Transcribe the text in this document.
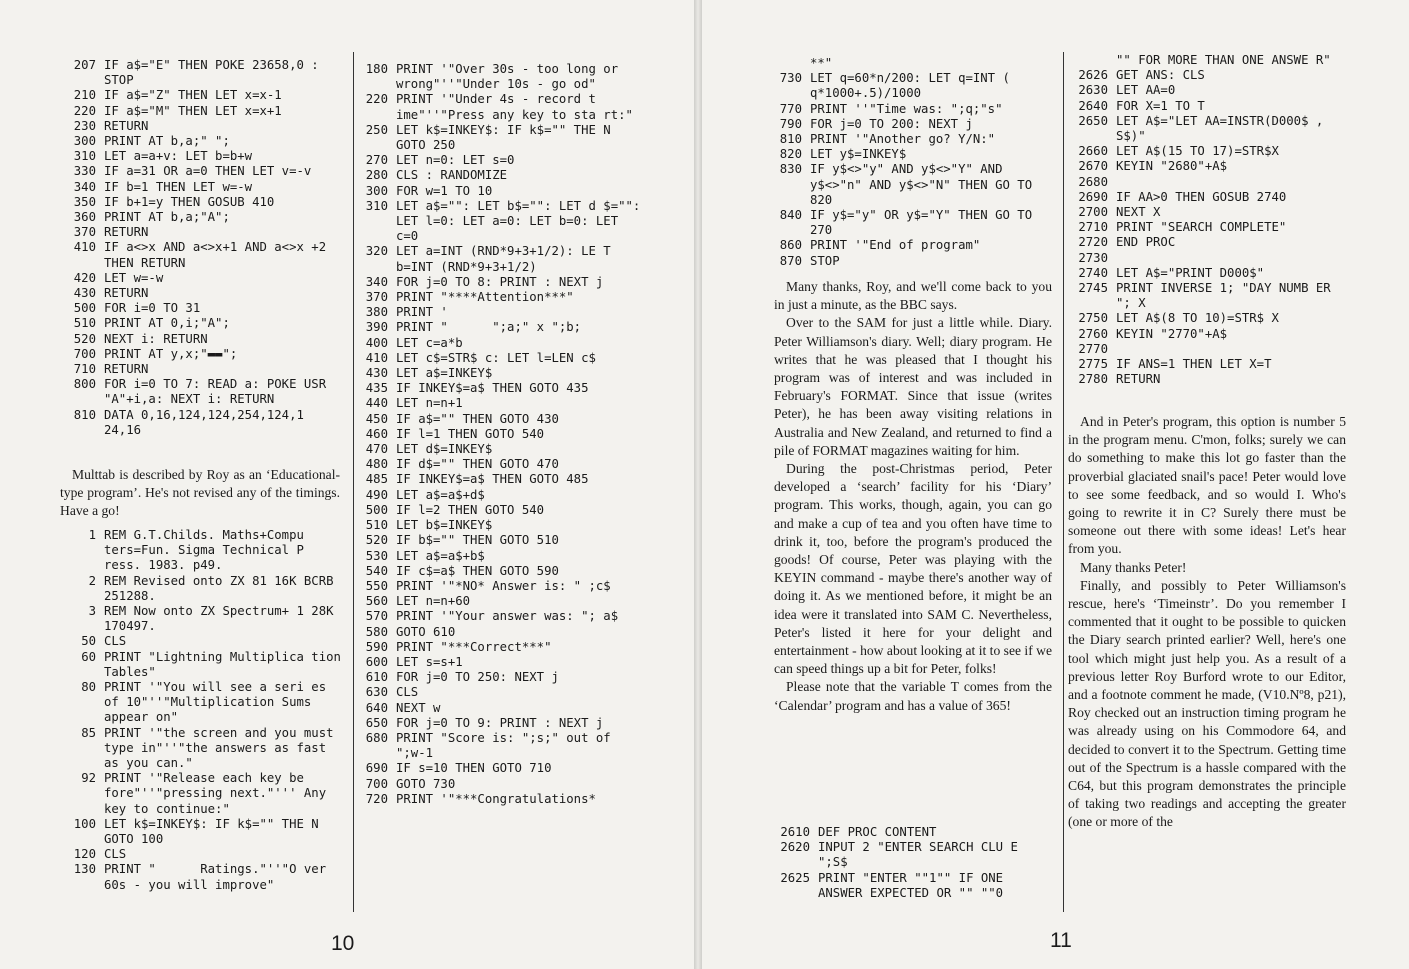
207 IF a$="E" THEN POKE 23658,0 : STOP
210 IF a$="Z" THEN LET x=x-1
220 IF a$="M" THEN LET x=x+1
230 RETURN
300 PRINT AT b,a;" ";
310 LET a=a+v: LET b=b+w
330 IF a=31 OR a=0 THEN LET v=-v
340 IF b=1 THEN LET w=-w
350 IF b+1=y THEN GOSUB 410
360 PRINT AT b,a;"A";
370 RETURN
410 IF a<>x AND a<>x+1 AND a<>x +2 THEN RETURN
420 LET w=-w
430 RETURN
500 FOR i=0 TO 31
510 PRINT AT 0,i;"A";
520 NEXT i: RETURN
700 PRINT AT y,x;"▬▬";
710 RETURN
800 FOR i=0 TO 7: READ a: POKE USR "A"+i,a: NEXT i: RETURN
810 DATA 0,16,124,124,254,124,1 24,16

Multtab is described by Roy as an ‘Educational-type program’. He's not revised any of the timings. Have a go!

1 REM G.T.Childs. Maths+Compu ters=Fun. Sigma Technical P ress. 1983. p49.
2 REM Revised onto ZX 81 16K BCRB 251288.
3 REM Now onto ZX Spectrum+ 1 28K 170497.
50 CLS
60 PRINT "Lightning Multiplica tion Tables"
80 PRINT '"You will see a seri es of 10"''"Multiplication Sums appear on"
85 PRINT '"the screen and you must type in"''"the answers as fast as you can."
92 PRINT '"Release each key be fore"''"pressing next."''' Any key to continue:"
100 LET k$=INKEY$: IF k$="" THE N GOTO 100
120 CLS
130 PRINT "      Ratings."''"O ver 60s - you will improve"
180 PRINT '"Over 30s - too long or wrong"''"Under 10s - go od"
220 PRINT '"Under 4s - record t ime"''"Press any key to sta rt:"
250 LET k$=INKEY$: IF k$="" THE N GOTO 250
270 LET n=0: LET s=0
280 CLS : RANDOMIZE
300 FOR w=1 TO 10
310 LET a$="": LET b$="": LET d $="": LET l=0: LET a=0: LET b=0: LET c=0
320 LET a=INT (RND*9+3+1/2): LE T b=INT (RND*9+3+1/2)
340 FOR j=0 TO 8: PRINT : NEXT j
370 PRINT "****Attention***"
380 PRINT '
390 PRINT "      ";a;" x ";b;
400 LET c=a*b
410 LET c$=STR$ c: LET l=LEN c$
430 LET a$=INKEY$
435 IF INKEY$=a$ THEN GOTO 435
440 LET n=n+1
450 IF a$="" THEN GOTO 430
460 IF l=1 THEN GOTO 540
470 LET d$=INKEY$
480 IF d$="" THEN GOTO 470
485 IF INKEY$=a$ THEN GOTO 485
490 LET a$=a$+d$
500 IF l=2 THEN GOTO 540
510 LET b$=INKEY$
520 IF b$="" THEN GOTO 510
530 LET a$=a$+b$
540 IF c$=a$ THEN GOTO 590
550 PRINT '"*NO* Answer is: " ;c$
560 LET n=n+60
570 PRINT '"Your answer was: "; a$
580 GOTO 610
590 PRINT "***Correct***"
600 LET s=s+1
610 FOR j=0 TO 250: NEXT j
630 CLS
640 NEXT w
650 FOR j=0 TO 9: PRINT : NEXT j
680 PRINT "Score is: ";s;" out of ";w-1
690 IF s=10 THEN GOTO 710
700 GOTO 730
720 PRINT '"***Congratulations*
10
**"
730 LET q=60*n/200: LET q=INT ( q*1000+.5)/1000
770 PRINT ''"Time was: ";q;"s"
790 FOR j=0 TO 200: NEXT j
810 PRINT '"Another go? Y/N:"
820 LET y$=INKEY$
830 IF y$<>"y" AND y$<>"Y" AND y$<>"n" AND y$<>"N" THEN GO TO 820
840 IF y$="y" OR y$="Y" THEN GO TO 270
860 PRINT '"End of program"
870 STOP

Many thanks, Roy, and we'll come back to you in just a minute, as the BBC says.

Over to the SAM for just a little while. Diary. Peter Williamson's diary. Well; diary program. He writes that he was pleased that I thought his program was of interest and was included in February's FORMAT. Since that issue (writes Peter), he has been away visiting relations in Australia and New Zealand, and returned to find a pile of FORMAT magazines waiting for him.

During the post-Christmas period, Peter developed a ‘search’ facility for his ‘Diary’ program. This works, though, again, you can go and make a cup of tea and you often have time to drink it, too, before the program's produced the goods! Of course, Peter was playing with the KEYIN command - maybe there's another way of doing it. As we mentioned before, it might be an idea were it translated into SAM C. Nevertheless, Peter's listed it here for your delight and entertainment - how about looking at it to see if we can speed things up a bit for Peter, folks!

Please note that the variable T comes from the ‘Calendar’ program and has a value of 365!

2610 DEF PROC CONTENT
2620 INPUT 2 "ENTER SEARCH CLU E ";S$
2625 PRINT "ENTER ""1"" IF ONE ANSWER EXPECTED OR "" ""0
"" FOR MORE THAN ONE ANSWE R"
2626 GET ANS: CLS
2630 LET AA=0
2640 FOR X=1 TO T
2650 LET A$="LET AA=INSTR(D000$ , S$)"
2660 LET A$(15 TO 17)=STR$X
2670 KEYIN "2680"+A$
2680
2690 IF AA>0 THEN GOSUB 2740
2700 NEXT X
2710 PRINT "SEARCH COMPLETE"
2720 END PROC
2730
2740 LET A$="PRINT D000$"
2745 PRINT INVERSE 1; "DAY NUMB ER "; X
2750 LET A$(8 TO 10)=STR$ X
2760 KEYIN "2770"+A$
2770
2775 IF ANS=1 THEN LET X=T
2780 RETURN

And in Peter's program, this option is number 5 in the program menu. C'mon, folks; surely we can do something to make this lot go faster than the proverbial glaciated snail's pace! Peter would love to see some feedback, and so would I. Who's going to rewrite it in C? Surely there must be someone out there with some ideas! Let's hear from you.

Many thanks Peter!

Finally, and possibly to Peter Williamson's rescue, here's ‘Timeinstr’. Do you remember I commented that it ought to be possible to quicken the Diary search printed earlier? Well, here's one tool which might just help you. As a result of a previous letter Roy Burford wrote to our Editor, and a footnote comment he made, (V10.Nº8, p21), Roy checked out an instruction timing program he was already using on his Commodore 64, and decided to convert it to the Spectrum. Getting time out of the Spectrum is a hassle compared with the C64, but this program demonstrates the principle of taking two readings and accepting the greater (one or more of the

11
